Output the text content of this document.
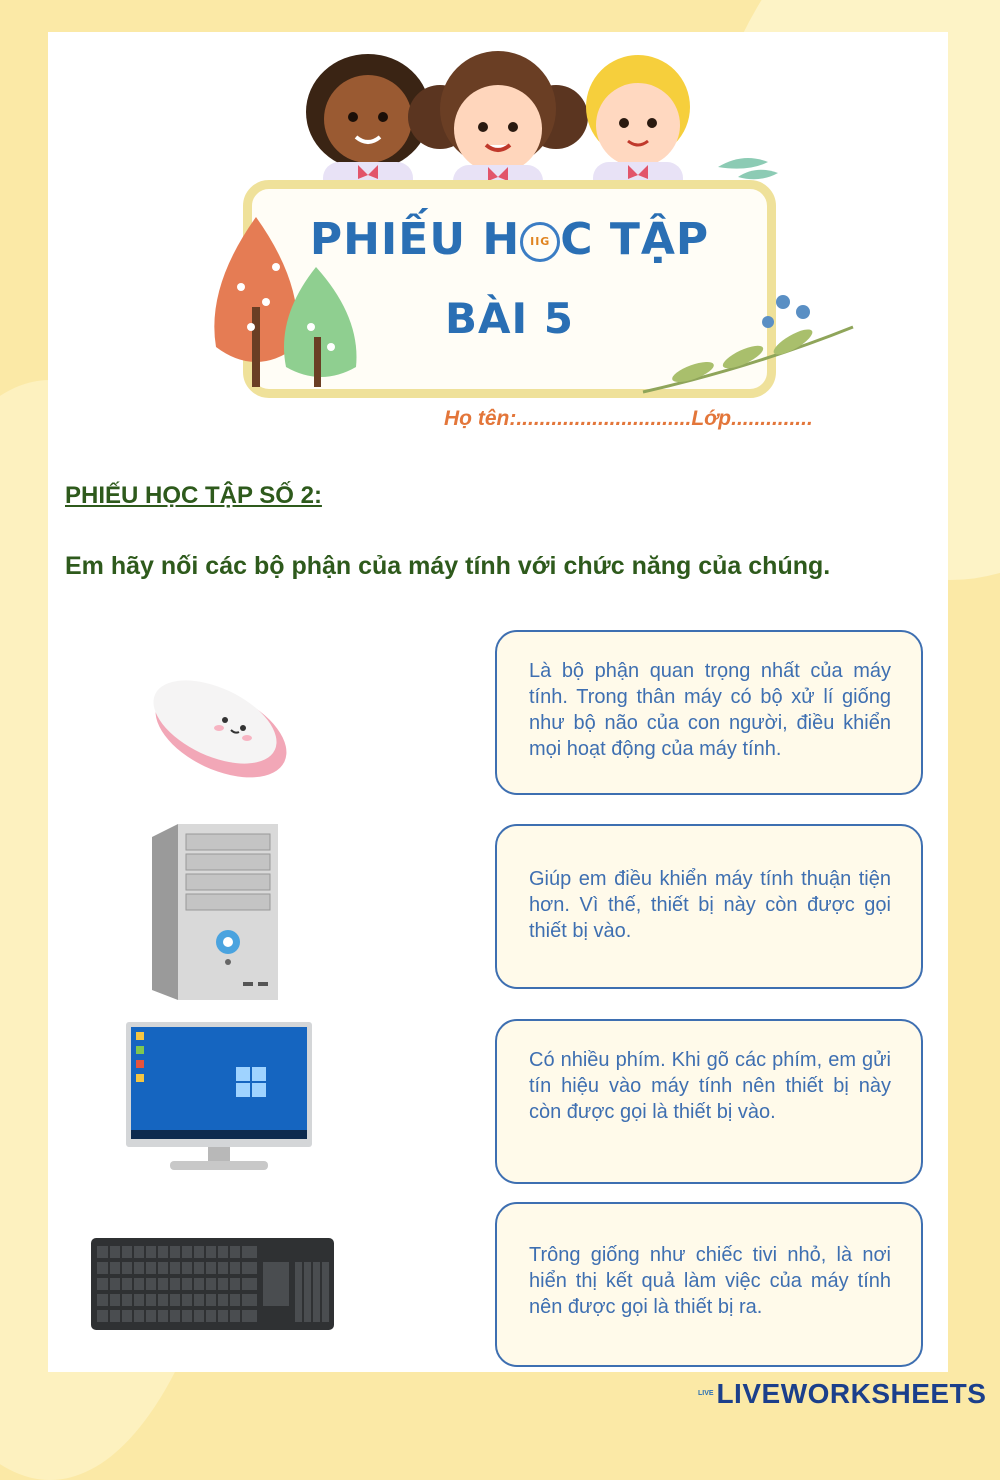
PHIẾU H IIG C TẬP
BÀI 5
Họ tên:..............................Lớp..............
PHIẾU HỌC TẬP SỐ 2:
Em hãy nối các bộ phận của máy tính với chức năng của chúng.
Là bộ phận quan trọng nhất của máy tính. Trong thân máy có bộ xử lí giống như bộ não của con người, điều khiển mọi hoạt động của máy tính.
Giúp em điều khiển máy tính thuận tiện hơn. Vì thế, thiết bị này còn được gọi thiết bị vào.
Có nhiều phím. Khi gõ các phím, em gửi tín hiệu vào máy tính nên thiết bị này còn được gọi là thiết bị vào.
Trông giống như chiếc tivi nhỏ, là nơi hiển thị kết quả làm việc của máy tính nên được gọi là thiết bị ra.
LIVE LIVEWORKSHEETS
